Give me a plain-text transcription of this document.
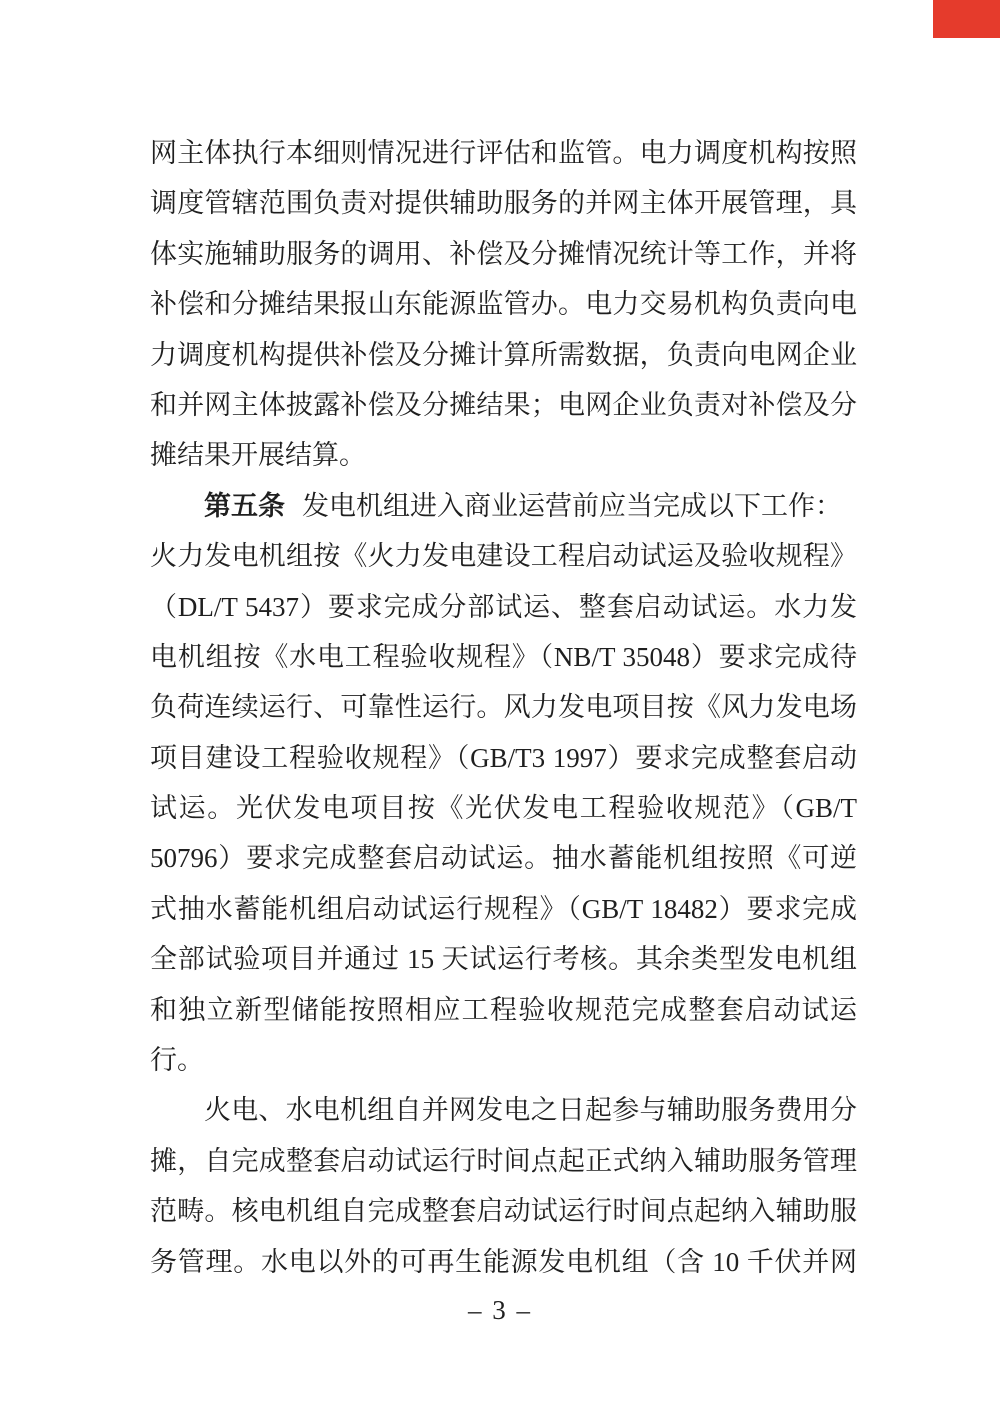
网主体执行本细则情况进行评估和监管。电力调度机构按照
调度管辖范围负责对提供辅助服务的并网主体开展管理，具
体实施辅助服务的调用、补偿及分摊情况统计等工作，并将
补偿和分摊结果报山东能源监管办。电力交易机构负责向电
力调度机构提供补偿及分摊计算所需数据，负责向电网企业
和并网主体披露补偿及分摊结果；电网企业负责对补偿及分
摊结果开展结算。
第五条 发电机组进入商业运营前应当完成以下工作：
火力发电机组按《火力发电建设工程启动试运及验收规程》
（DL/T 5437）要求完成分部试运、整套启动试运。水力发
电机组按《水电工程验收规程》（NB/T 35048）要求完成待
负荷连续运行、可靠性运行。风力发电项目按《风力发电场
项目建设工程验收规程》（GB/T3 1997）要求完成整套启动
试运。光伏发电项目按《光伏发电工程验收规范》（GB/T
50796）要求完成整套启动试运。抽水蓄能机组按照《可逆
式抽水蓄能机组启动试运行规程》（GB/T 18482）要求完成
全部试验项目并通过 15 天试运行考核。其余类型发电机组
和独立新型储能按照相应工程验收规范完成整套启动试运
行。
火电、水电机组自并网发电之日起参与辅助服务费用分
摊，自完成整套启动试运行时间点起正式纳入辅助服务管理
范畴。核电机组自完成整套启动试运行时间点起纳入辅助服
务管理。水电以外的可再生能源发电机组（含 10 千伏并网
– 3 –
